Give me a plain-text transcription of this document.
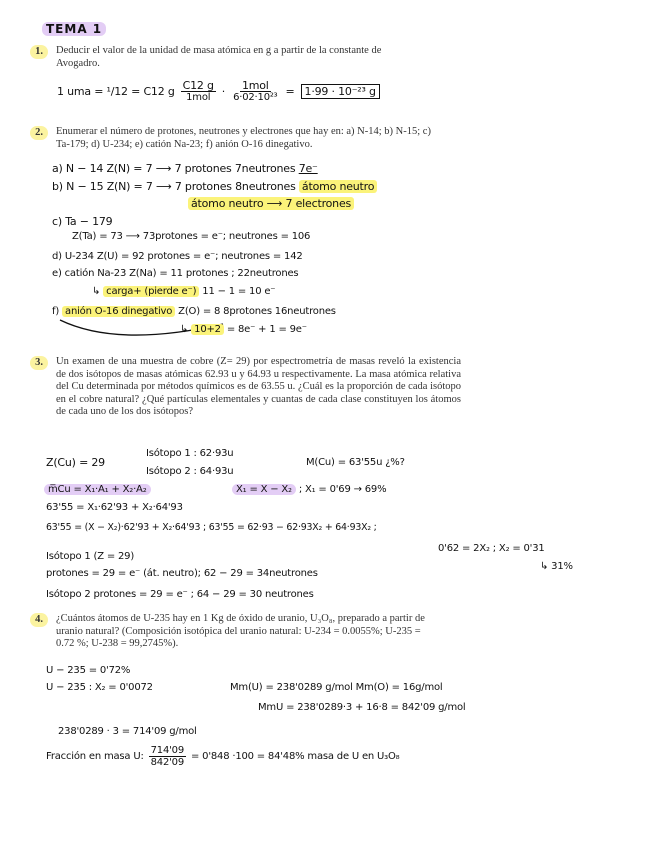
TEMA 1
1.	Deducir el valor de la unidad de masa atómica en g a partir de la constante de Avogadro.
1 uma = ¹/12 = C12 g $\frac{C12 g}{\text{1mol}} \cdot \frac{\text{1mol}}{\text{6·02·10²³}} = 1\cdot 99 \cdot 10^{-23}$ g
2.	Enumerar el número de protones, neutrones y electrones que hay en: a) N-14; b) N-15; c) Ta-179; d) U-234; e) catión Na-23; f) anión O-16 dinegativo.
a) N − 14 Z(N) = 7 ⟶ 7 protones 7neutrones 7e⁻
b) N − 15 Z(N) = 7 ⟶ 7 protones 8neutrones átomo neutro
átomo neutro ⟶ 7 electrones
c) Ta − 179
Z(Ta) = 73 ⟶ 73protones = e⁻; neutrones = 106
d) U-234 Z(U) = 92 protones = e⁻; neutrones = 142
e) catión Na-23 Z(Na) = 11 protones ; 22neutrones
↳ carga+ (pierde e⁻) 11 − 1 = 10 e⁻
f) anión O-16 dinegativo Z(O) = 8 8protones 16neutrones
↳ 10+2 = 8e⁻ + 1 = 9e⁻
3.	Un examen de una muestra de cobre (Z= 29) por espectrometría de masas reveló la existencia de dos isótopos de masas atómicas 62.93 u y 64.93 u respectivamente. La masa atómica relativa del Cu determinada por métodos químicos es de 63.55 u. ¿Cuál es la proporción de cada isótopo en el cobre natural? ¿Qué partículas elementales y cuantas de cada clase constituyen los átomos de cada uno de los dos isótopos?
Z(Cu) = 29
Isótopo 1 : 62·93u
Isótopo 2 : 64·93u
M(Cu) = 63'55u ¿%?
m̅Cu = X₁·A₁ + X₂·A₂	X₁ = X − X₂ ; X₁ = 0'69 → 69%
63'55 = X₁·62'93 + X₂·64'93
63'55 = (X − X₂)·62'93 + X₂·64'93 ; 63'55 = 62·93 − 62·93X₂ + 64·93X₂ ;
0'62 = 2X₂ ; X₂ = 0'31
↳ 31%
Isótopo 1 (Z = 29)
protones = 29 = e⁻ (át. neutro); 62 − 29 = 34neutrones
Isótopo 2 protones = 29 = e⁻ ; 64 − 29 = 30 neutrones
4.	¿Cuántos átomos de U-235 hay en 1 Kg de óxido de uranio, U₃O₈, preparado a partir de uranio natural? (Composición isotópica del uranio natural: U-234 = 0.0055%; U-235 = 0.72 %; U-238 = 99,2745%).
U − 235 = 0'72%
U − 235 : X₂ = 0'0072	Mm(U) = 238'0289 g/mol Mm(O) = 16g/mol
MmU = 238'0289·3 + 16·8 = 842'09 g/mol
238'0289 · 3 = 714'09 g/mol
Fracción en masa U: $\frac{714'09}{842'09} = 0'848 \cdot 100 = 84'48\%$ masa de U en U₃O₈
